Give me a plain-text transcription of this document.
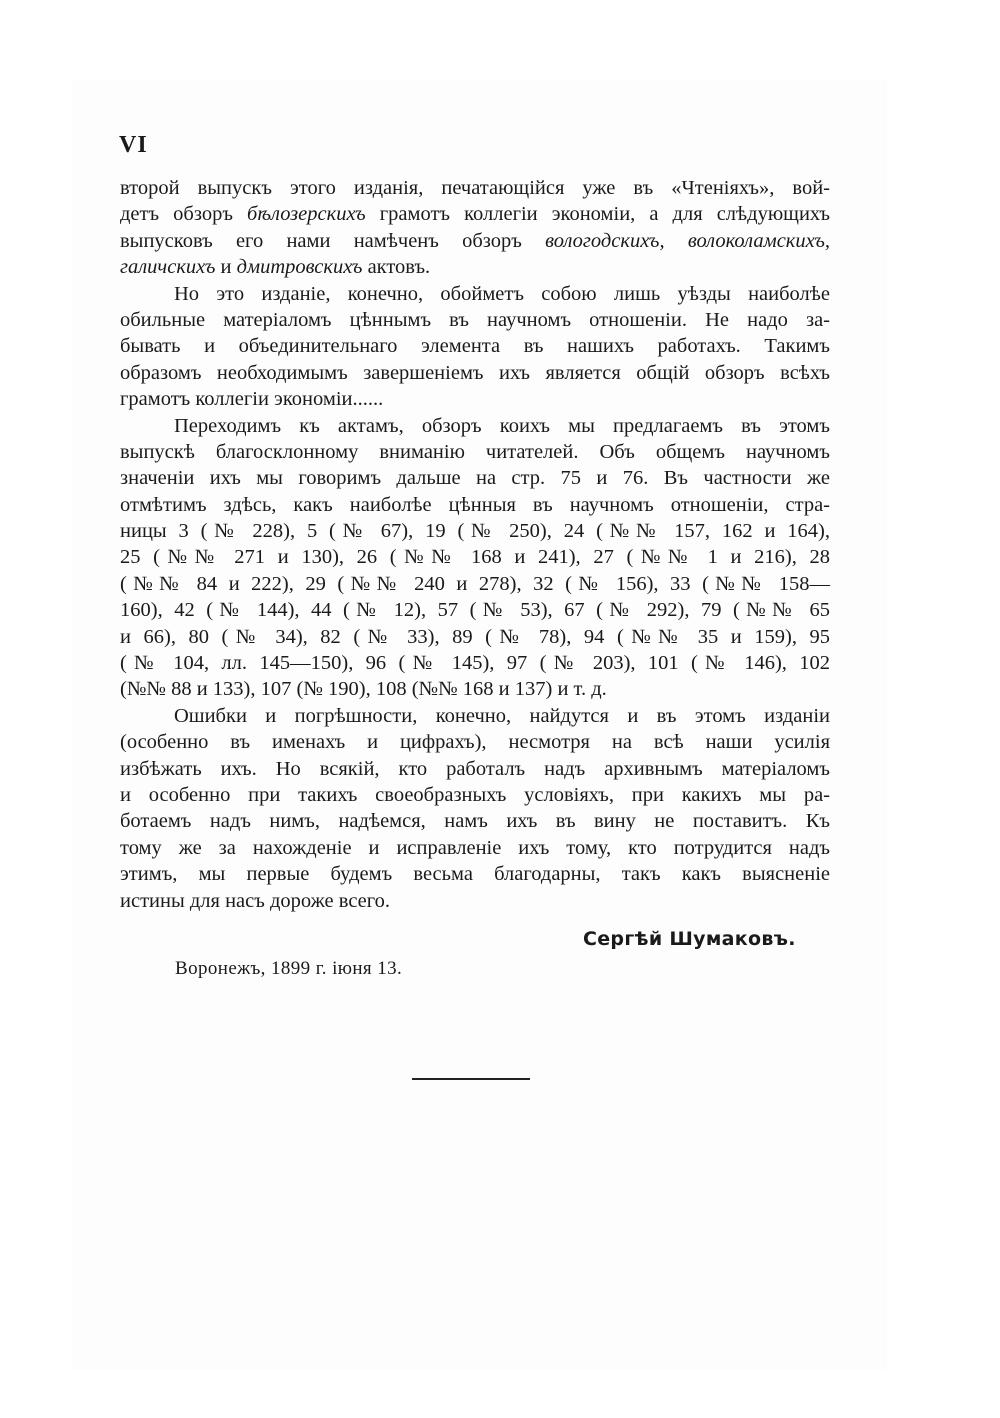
VI
второй выпускъ этого изданія, печатающійся уже въ «Чтеніяхъ», вой-
детъ обзоръ бѣлозерскихъ грамотъ коллегіи экономіи, а для слѣдующихъ
выпусковъ его нами намѣченъ обзоръ вологодскихъ, волоколамскихъ,
галичскихъ и дмитровскихъ актовъ.
Но это изданіе, конечно, обойметъ собою лишь уѣзды наиболѣе
обильные матеріаломъ цѣннымъ въ научномъ отношеніи. Не надо за-
бывать и объединительнаго элемента въ нашихъ работахъ. Такимъ
образомъ необходимымъ завершеніемъ ихъ является общій обзоръ всѣхъ
грамотъ коллегіи экономіи......
Переходимъ къ актамъ, обзоръ коихъ мы предлагаемъ въ этомъ
выпускѣ благосклонному вниманію читателей. Объ общемъ научномъ
значеніи ихъ мы говоримъ дальше на стр. 75 и 76. Въ частности же
отмѣтимъ здѣсь, какъ наиболѣе цѣнныя въ научномъ отношеніи, стра-
ницы 3 (№ 228), 5 (№ 67), 19 (№ 250), 24 (№№ 157, 162 и 164),
25 (№№ 271 и 130), 26 (№№ 168 и 241), 27 (№№ 1 и 216), 28
(№№ 84 и 222), 29 (№№ 240 и 278), 32 (№ 156), 33 (№№ 158—
160), 42 (№ 144), 44 (№ 12), 57 (№ 53), 67 (№ 292), 79 (№№ 65
и 66), 80 (№ 34), 82 (№ 33), 89 (№ 78), 94 (№№ 35 и 159), 95
(№ 104, лл. 145—150), 96 (№ 145), 97 (№ 203), 101 (№ 146), 102
(№№ 88 и 133), 107 (№ 190), 108 (№№ 168 и 137) и т. д.
Ошибки и погрѣшности, конечно, найдутся и въ этомъ изданіи
(особенно въ именахъ и цифрахъ), несмотря на всѣ наши усилія
избѣжать ихъ. Но всякій, кто работалъ надъ архивнымъ матеріаломъ
и особенно при такихъ своеобразныхъ условіяхъ, при какихъ мы ра-
ботаемъ надъ нимъ, надѣемся, намъ ихъ въ вину не поставитъ. Къ
тому же за нахожденіе и исправленіе ихъ тому, кто потрудится надъ
этимъ, мы первые будемъ весьма благодарны, такъ какъ выясненіе
истины для насъ дороже всего.
Сергѣй Шумаковъ.
Воронежъ, 1899 г. іюня 13.
